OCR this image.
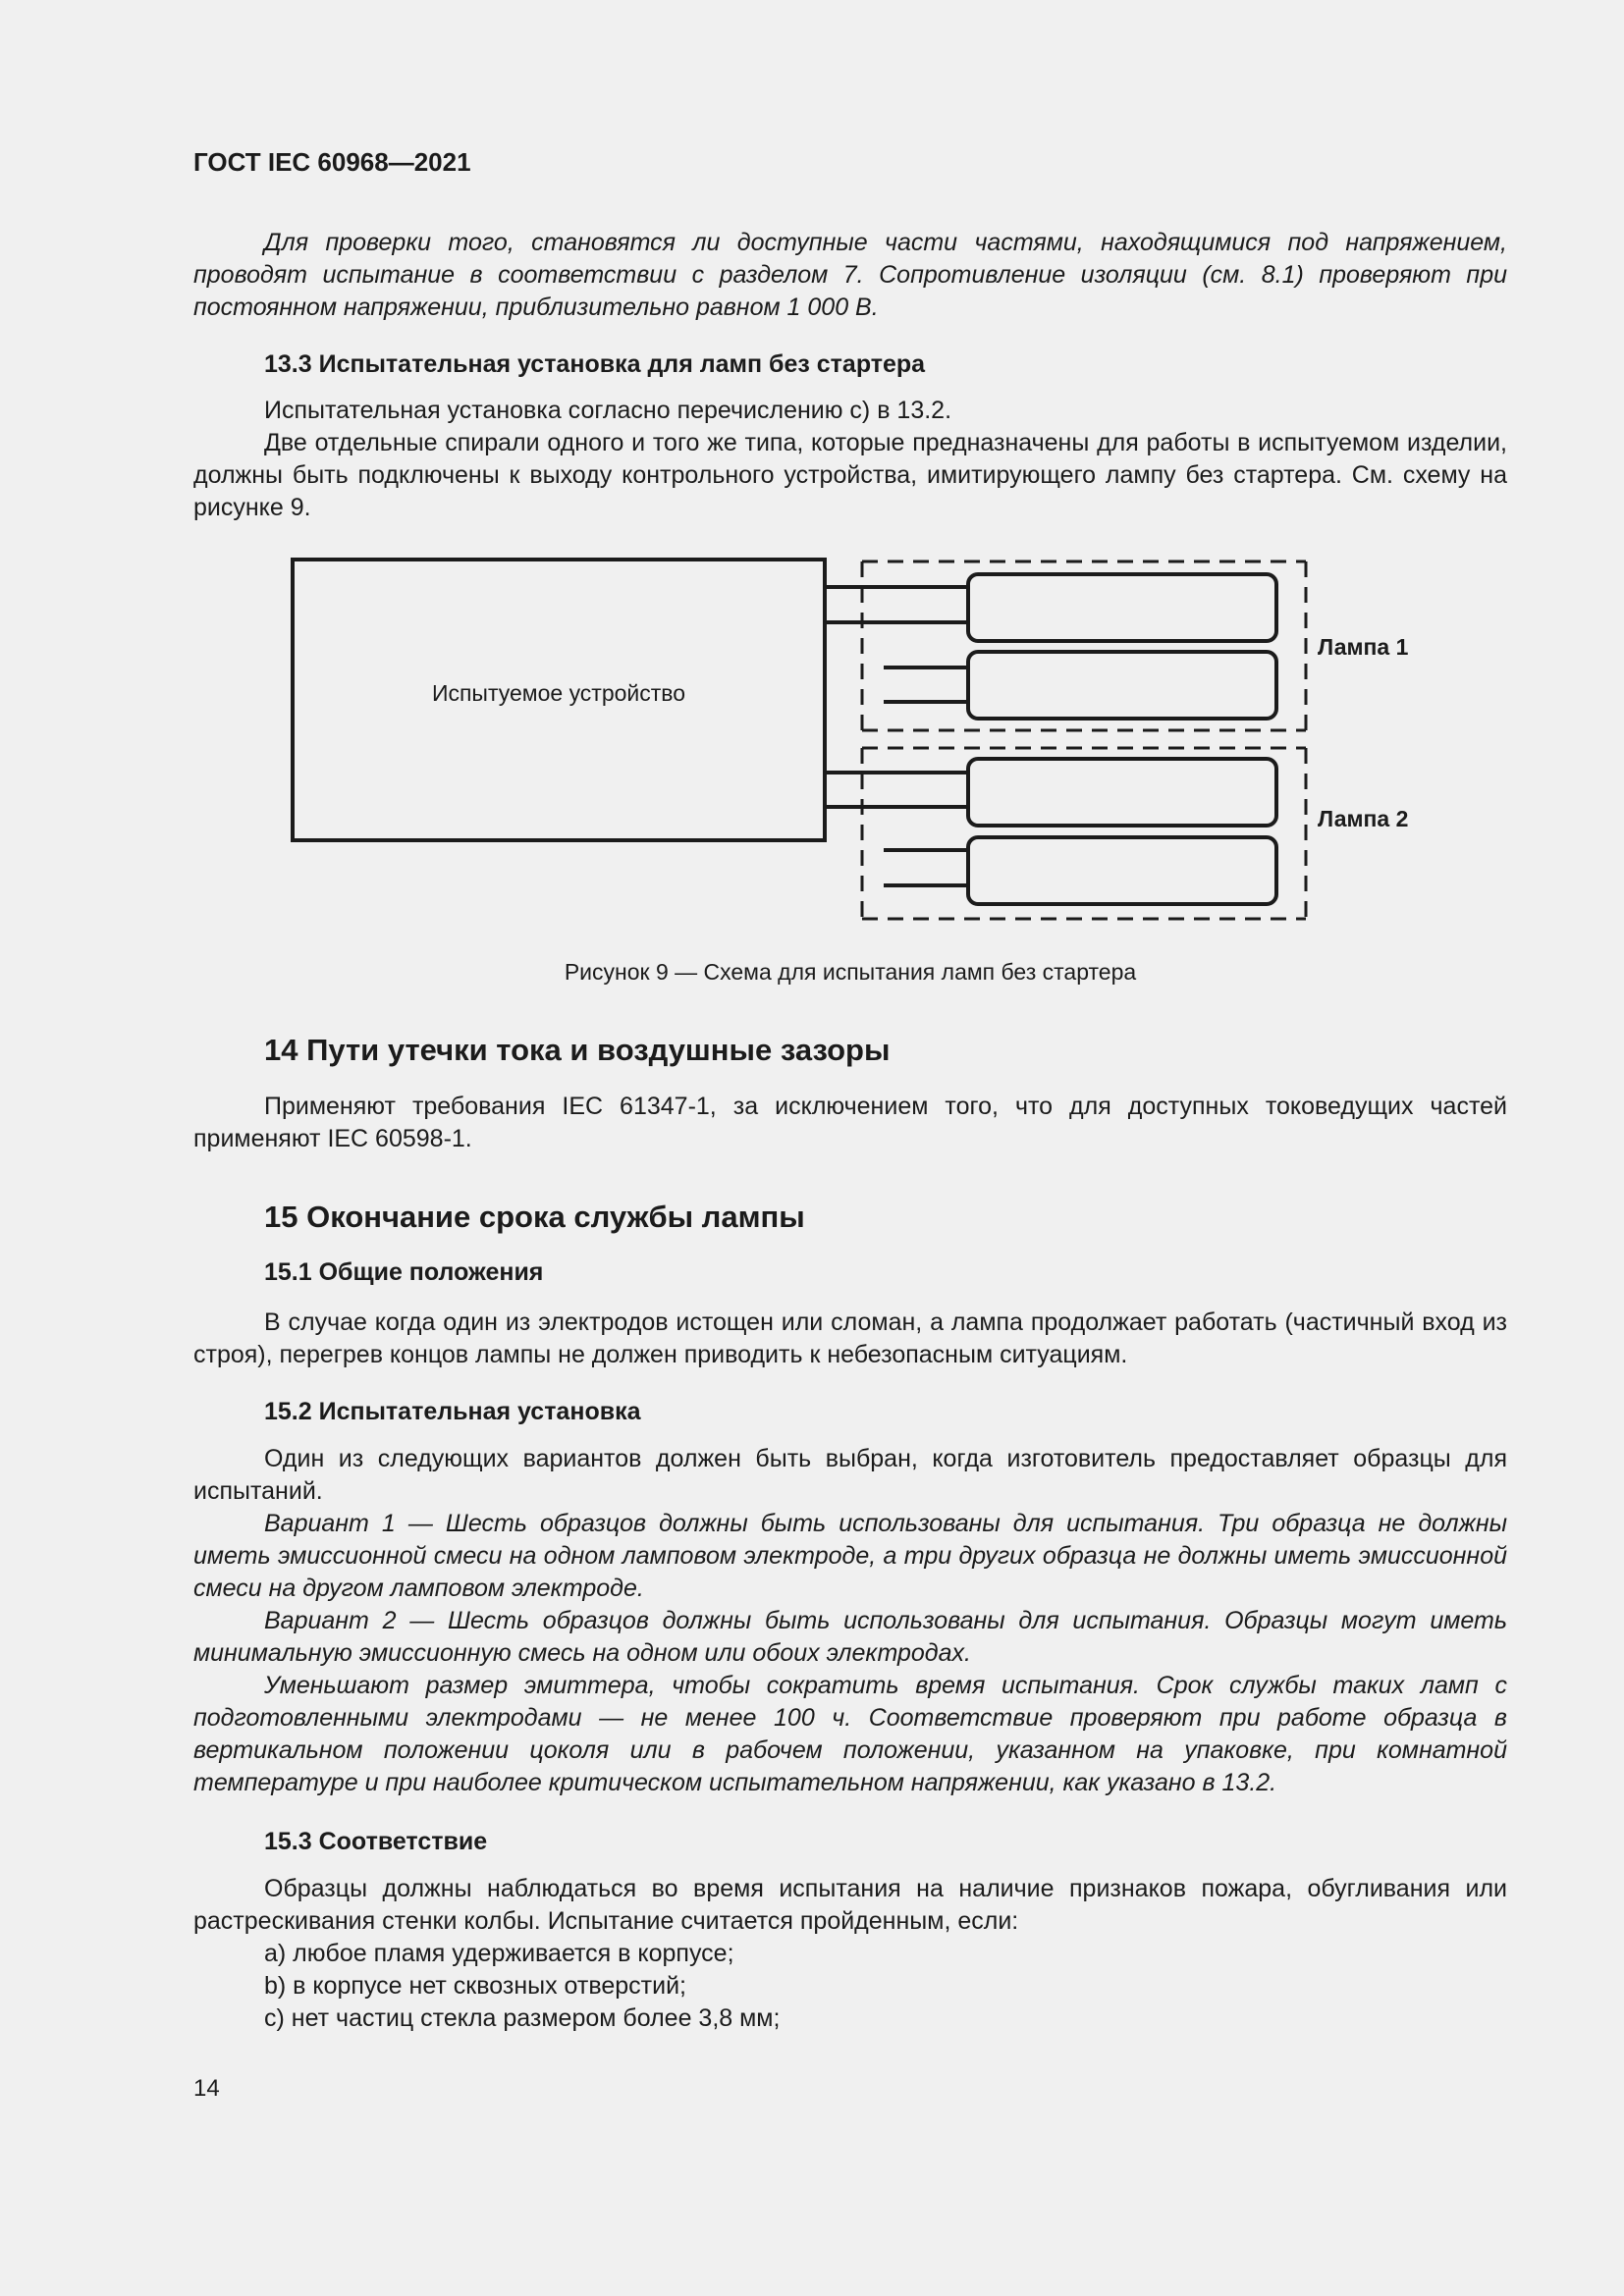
ГОСТ IEC 60968—2021

Для проверки того, становятся ли доступные части частями, находящимися под напряжением, проводят испытание в соответствии с разделом 7. Сопротивление изоляции (см. 8.1) проверяют при постоянном напряжении, приблизительно равном 1 000 В.

13.3 Испытательная установка для ламп без стартера

Испытательная установка согласно перечислению с) в 13.2.

Две отдельные спирали одного и того же типа, которые предназначены для работы в испытуемом изделии, должны быть подключены к выходу контрольного устройства, имитирующего лампу без стартера. См. схему на рисунке 9.

Испытуемое устройство
Лампа 1
Лампа 2
Рисунок 9 — Схема для испытания ламп без стартера
14 Пути утечки тока и воздушные зазоры

Применяют требования IEC 61347-1, за исключением того, что для доступных токоведущих частей применяют IEC 60598-1.

15 Окончание срока службы лампы
15.1 Общие положения

В случае когда один из электродов истощен или сломан, а лампа продолжает работать (частичный вход из строя), перегрев концов лампы не должен приводить к небезопасным ситуациям.

15.2 Испытательная установка

Один из следующих вариантов должен быть выбран, когда изготовитель предоставляет образцы для испытаний.

Вариант 1 — Шесть образцов должны быть использованы для испытания. Три образца не должны иметь эмиссионной смеси на одном ламповом электроде, а три других образца не должны иметь эмиссионной смеси на другом ламповом электроде.

Вариант 2 — Шесть образцов должны быть использованы для испытания. Образцы могут иметь минимальную эмиссионную смесь на одном или обоих электродах.

Уменьшают размер эмиттера, чтобы сократить время испытания. Срок службы таких ламп с подготовленными электродами — не менее 100 ч. Соответствие проверяют при работе образца в вертикальном положении цоколя или в рабочем положении, указанном на упаковке, при комнатной температуре и при наиболее критическом испытательном напряжении, как указано в 13.2.

15.3 Соответствие

Образцы должны наблюдаться во время испытания на наличие признаков пожара, обугливания или растрескивания стенки колбы. Испытание считается пройденным, если:

a) любое пламя удерживается в корпусе;

b) в корпусе нет сквозных отверстий;

c) нет частиц стекла размером более 3,8 мм;

14
